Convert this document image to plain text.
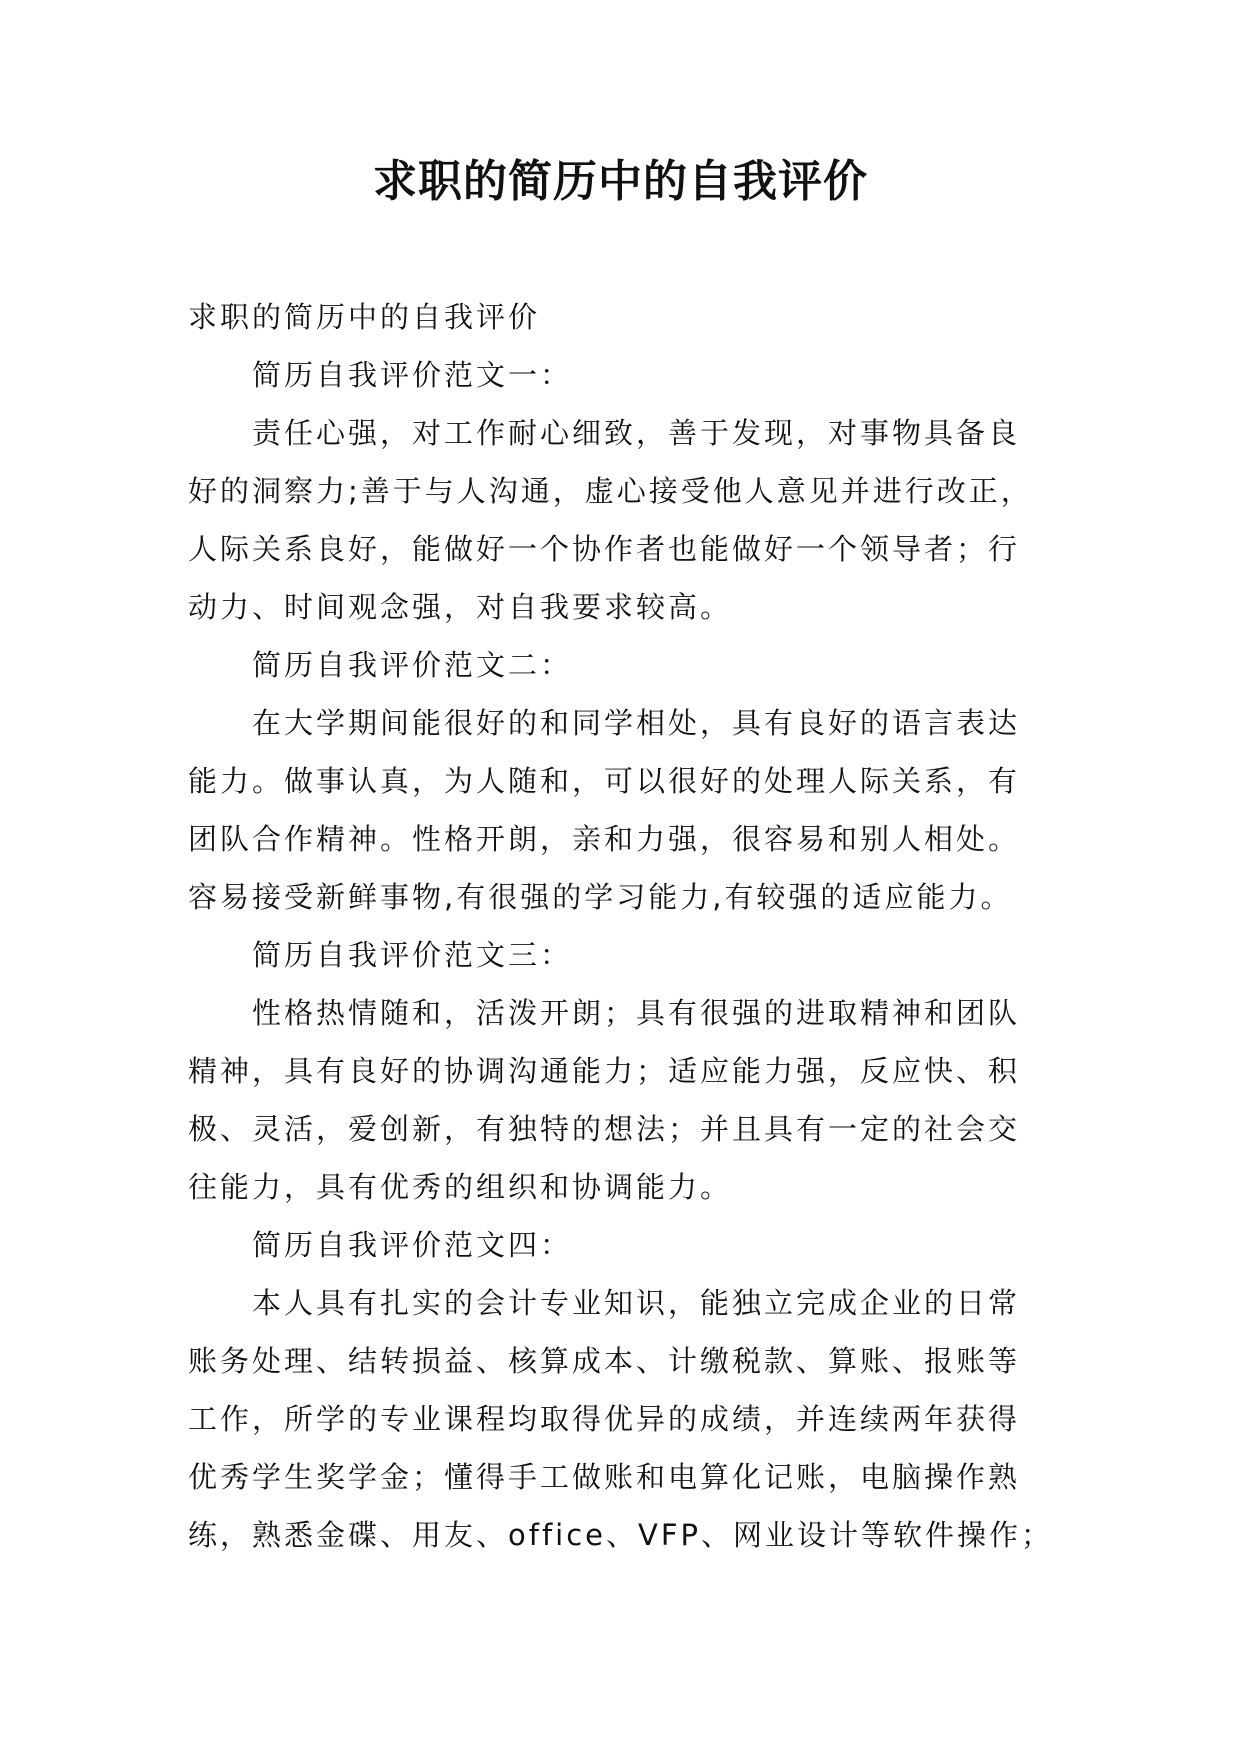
求职的简历中的自我评价

求职的简历中的自我评价

简历自我评价范文一：

责任心强，对工作耐心细致，善于发现，对事物具备良

好的洞察力;善于与人沟通，虚心接受他人意见并进行改正，

人际关系良好，能做好一个协作者也能做好一个领导者；行

动力、时间观念强，对自我要求较高。

简历自我评价范文二：

在大学期间能很好的和同学相处，具有良好的语言表达

能力。做事认真，为人随和，可以很好的处理人际关系，有

团队合作精神。性格开朗，亲和力强，很容易和别人相处。

容易接受新鲜事物,有很强的学习能力,有较强的适应能力。

简历自我评价范文三：

性格热情随和，活泼开朗；具有很强的进取精神和团队

精神，具有良好的协调沟通能力；适应能力强，反应快、积

极、灵活，爱创新，有独特的想法；并且具有一定的社会交

往能力，具有优秀的组织和协调能力。

简历自我评价范文四：

本人具有扎实的会计专业知识，能独立完成企业的日常

账务处理、结转损益、核算成本、计缴税款、算账、报账等

工作，所学的专业课程均取得优异的成绩，并连续两年获得

优秀学生奖学金；懂得手工做账和电算化记账，电脑操作熟

练，熟悉金碟、用友、office、VFP、网业设计等软件操作；
